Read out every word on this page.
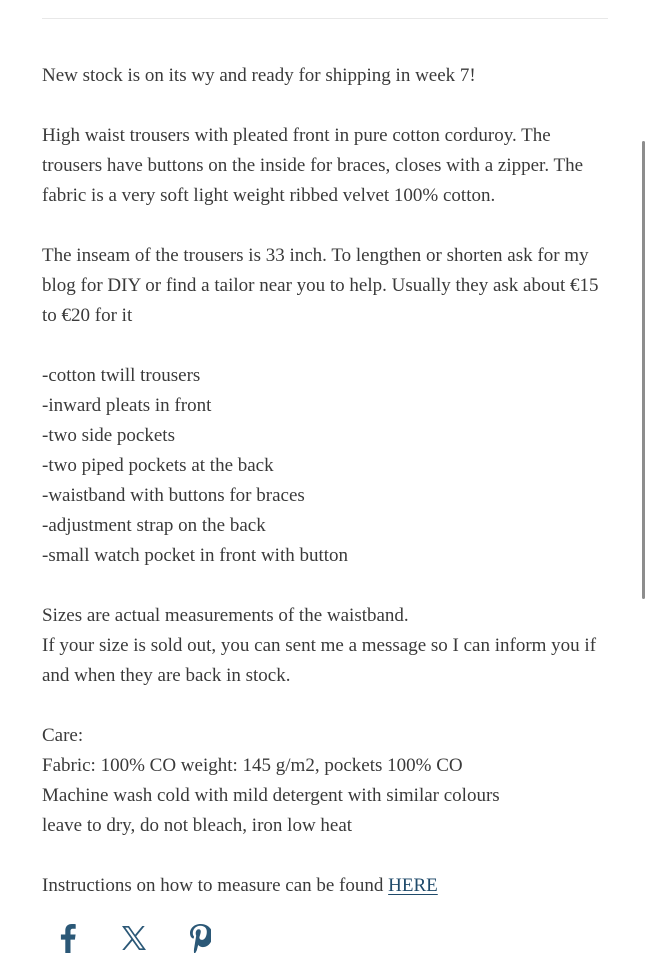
New stock is on its wy and ready for shipping in week 7!

High waist trousers with pleated front in pure cotton corduroy. The
trousers have buttons on the inside for braces, closes with a zipper. The
fabric is a very soft light weight ribbed velvet 100% cotton.

The inseam of the trousers is 33 inch. To lengthen or shorten ask for my
blog for DIY or find a tailor near you to help. Usually they ask about €15
to €20 for it

-cotton twill trousers
-inward pleats in front
-two side pockets
-two piped pockets at the back
-waistband with buttons for braces
-adjustment strap on the back
-small watch pocket in front with button

Sizes are actual measurements of the waistband.
If your size is sold out, you can sent me a message so I can inform you if
and when they are back in stock.

Care:
Fabric: 100% CO weight: 145 g/m2, pockets 100% CO
Machine wash cold with mild detergent with similar colours
leave to dry, do not bleach, iron low heat

Instructions on how to measure can be found HERE
